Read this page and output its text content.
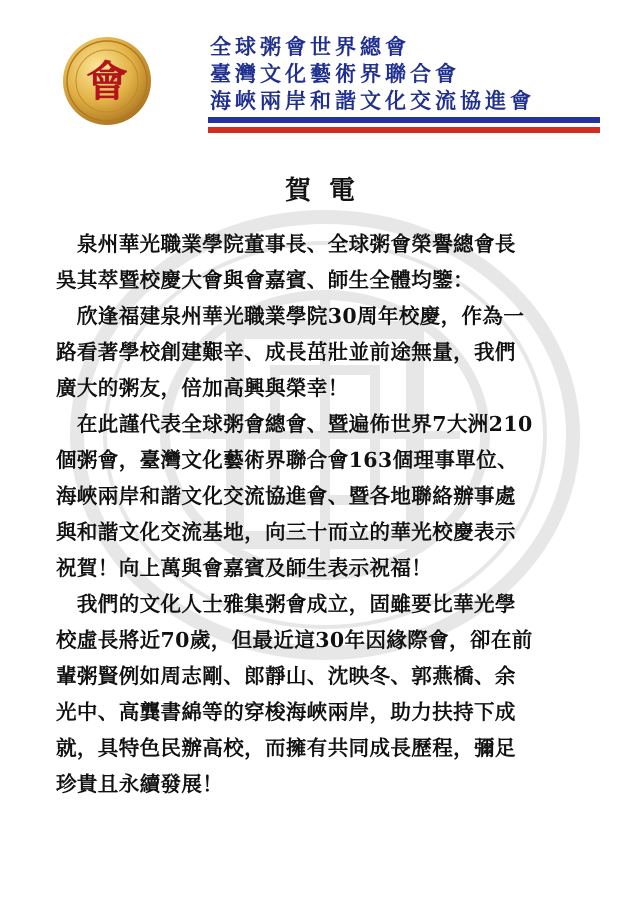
會
全球粥會世界總會
臺灣文化藝術界聯合會
海峽兩岸和諧文化交流協進會
賀電
　泉州華光職業學院董事長、全球粥會榮譽總會長
吳其萃暨校慶大會與會嘉賓、師生全體均鑒：
　欣逢福建泉州華光職業學院30周年校慶，作為一
路看著學校創建艱辛、成長茁壯並前途無量，我們
廣大的粥友，倍加高興與榮幸！
　在此謹代表全球粥會總會、暨遍佈世界7大洲210
個粥會，臺灣文化藝術界聯合會163個理事單位、
海峽兩岸和諧文化交流協進會、暨各地聯絡辦事處
與和諧文化交流基地，向三十而立的華光校慶表示
祝賀！向上萬與會嘉賓及師生表示祝福！
　我們的文化人士雅集粥會成立，固雖要比華光學
校虛長將近70歲，但最近這30年因緣際會，卻在前
輩粥賢例如周志剛、郎靜山、沈映冬、郭燕橋、余
光中、高龔書綿等的穿梭海峽兩岸，助力扶持下成
就，具特色民辦高校，而擁有共同成長歷程，彌足
珍貴且永續發展！
